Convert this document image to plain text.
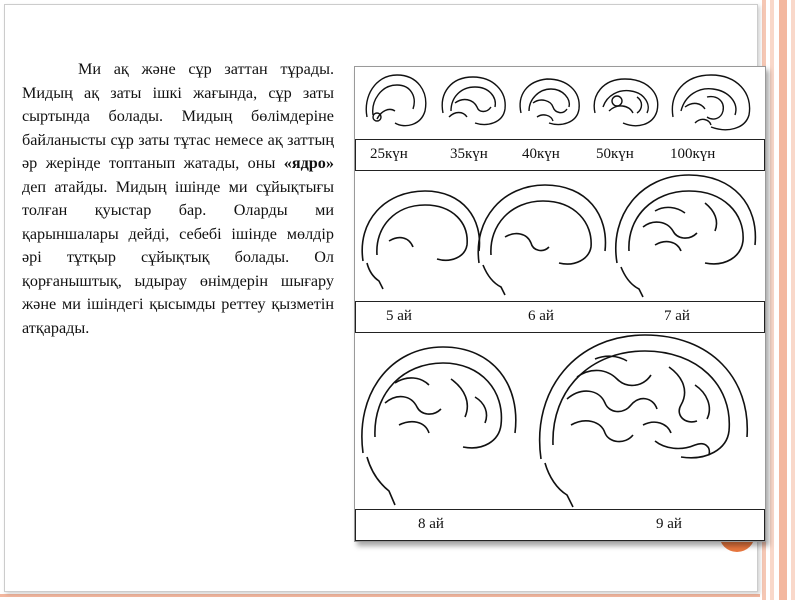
Ми ақ және сұр заттан тұрады. Мидың ақ заты ішкі жағында, сұр заты сыртында болады. Мидың бөлімдеріне байланысты сұр заты тұтас немесе ақ заттың әр жерінде топтанып жатады, оны «ядро» деп атайды. Мидың ішінде ми сұйықтығы толған қуыстар бар. Оларды ми қарыншалары дейді, себебі ішінде мөлдір әрі тұтқыр сұйықтық болады. Ол қорғаныштық, ыдырау өнімдерін шығару және ми ішіндегі қысымды реттеу қызметін атқарады.
25күн	35күн 40күн 50күн 100күн
5 ай	6 ай	7 ай
8 ай	9 ай
